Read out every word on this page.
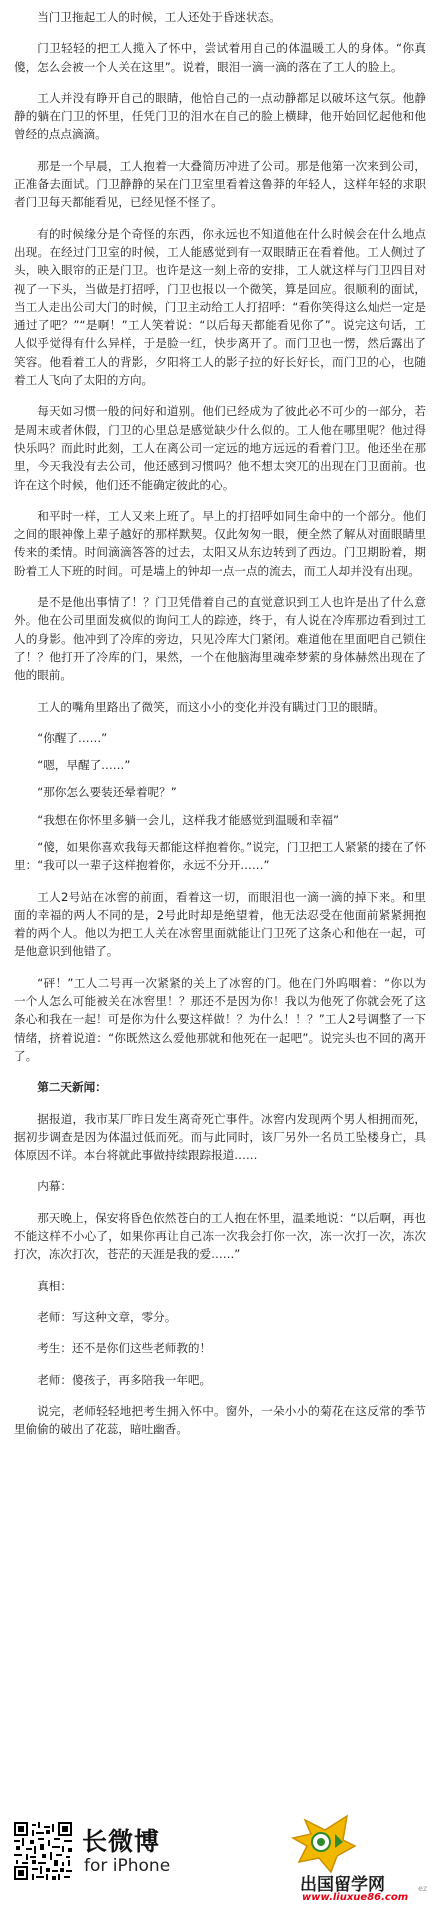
当门卫拖起工人的时候，工人还处于昏迷状态。

门卫轻轻的把工人揽入了怀中，尝试着用自己的体温暖工人的身体。“你真傻，怎么会被一个人关在这里”。说着，眼泪一滴一滴的落在了工人的脸上。

工人并没有睁开自己的眼睛，他恰自己的一点动静都足以破坏这气氛。他静静的躺在门卫的怀里，任凭门卫的泪水在自己的脸上横肆，他开始回忆起他和他曾经的点点滴滴。

那是一个早晨，工人抱着一大叠简历冲进了公司。那是他第一次来到公司，正准备去面试。门卫静静的呆在门卫室里看着这鲁莽的年轻人，这样年轻的求职者门卫每天都能看见，已经见怪不怪了。

有的时候缘分是个奇怪的东西，你永远也不知道他在什么时候会在什么地点出现。在经过门卫室的时候，工人能感觉到有一双眼睛正在看着他。工人侧过了头，映入眼帘的正是门卫。也许是这一刻上帝的安排，工人就这样与门卫四目对视了一下头，当做是打招呼，门卫也报以一个微笑，算是回应。很顺利的面试，当工人走出公司大门的时候，门卫主动给工人打招呼：“看你笑得这么灿烂一定是通过了吧？”“是啊！”工人笑着说：“以后每天都能看见你了”。说完这句话，工人似乎觉得有什么异样，于是脸一红，快步离开了。而门卫也一愣，然后露出了笑容。他看着工人的背影，夕阳将工人的影子拉的好长好长，而门卫的心，也随着工人飞向了太阳的方向。

每天如习惯一般的问好和道别。他们已经成为了彼此必不可少的一部分，若是周末或者休假，门卫的心里总是感觉缺少什么似的。工人他在哪里呢？他过得快乐吗？而此时此刻，工人在离公司一定远的地方远远的看着门卫。他还坐在那里，今天我没有去公司，他还感到习惯吗？他不想太突兀的出现在门卫面前。也许在这个时候，他们还不能确定彼此的心。

和平时一样，工人又来上班了。早上的打招呼如同生命中的一个部分。他们之间的眼神像上辈子越好的那样默契。仅此匆匆一眼，便全然了解从对面眼睛里传来的柔情。时间滴滴答答的过去，太阳又从东边转到了西边。门卫期盼着，期盼着工人下班的时间。可是墙上的钟却一点一点的流去，而工人却并没有出现。

是不是他出事情了！？门卫凭借着自己的直觉意识到工人也许是出了什么意外。他在公司里面发疯似的询问工人的踪迹，终于，有人说在冷库那边看到过工人的身影。他冲到了冷库的旁边，只见冷库大门紧闭。难道他在里面吧自己锁住了！？他打开了冷库的门，果然，一个在他脑海里魂牵梦萦的身体赫然出现在了他的眼前。

工人的嘴角里路出了微笑，而这小小的变化并没有瞒过门卫的眼睛。

“你醒了……”

“嗯，早醒了……”

“那你怎么要装还晕着呢？”

“我想在你怀里多躺一会儿，这样我才能感觉到温暖和幸福”

“傻，如果你喜欢我每天都能这样抱着你。”说完，门卫把工人紧紧的搂在了怀里：“我可以一辈子这样抱着你，永远不分开……”

工人2号站在冰窖的前面，看着这一切，而眼泪也一滴一滴的掉下来。和里面的幸福的两人不同的是，2号此时却是绝望着，他无法忍受在他面前紧紧拥抱着的两个人。他以为把工人关在冰窖里面就能让门卫死了这条心和他在一起，可是他意识到他错了。

“砰！”工人二号再一次紧紧的关上了冰窖的门。他在门外呜咽着：“你以为一个人怎么可能被关在冰窖里！？那还不是因为你！我以为他死了你就会死了这条心和我在一起！可是你为什么要这样做！？为什么！！？”工人2号调整了一下情绪，挤着说道：“你既然这么爱他那就和他死在一起吧”。说完头也不回的离开了。

第二天新闻：

据报道，我市某厂昨日发生离奇死亡事件。冰窖内发现两个男人相拥而死，据初步调查是因为体温过低而死。而与此同时，该厂另外一名员工坠楼身亡，具体原因不详。本台将就此事做持续跟踪报道……

内幕：

那天晚上，保安将昏色依然苍白的工人抱在怀里，温柔地说：“以后啊，再也不能这样不小心了，如果你再让自己冻一次我会打你一次，冻一次打一次，冻次打次，冻次打次，苍茫的天涯是我的爱……”

真相：

老师：写这种文章，零分。

考生：还不是你们这些老师教的！

老师：傻孩子，再多陪我一年吧。

说完，老师轻轻地把考生拥入怀中。窗外，一朵小小的菊花在这反常的季节里偷偷的破出了花蕊，暗吐幽香。

长微博
for iPhone
出国留学网
www.liuxue86.com
ez
